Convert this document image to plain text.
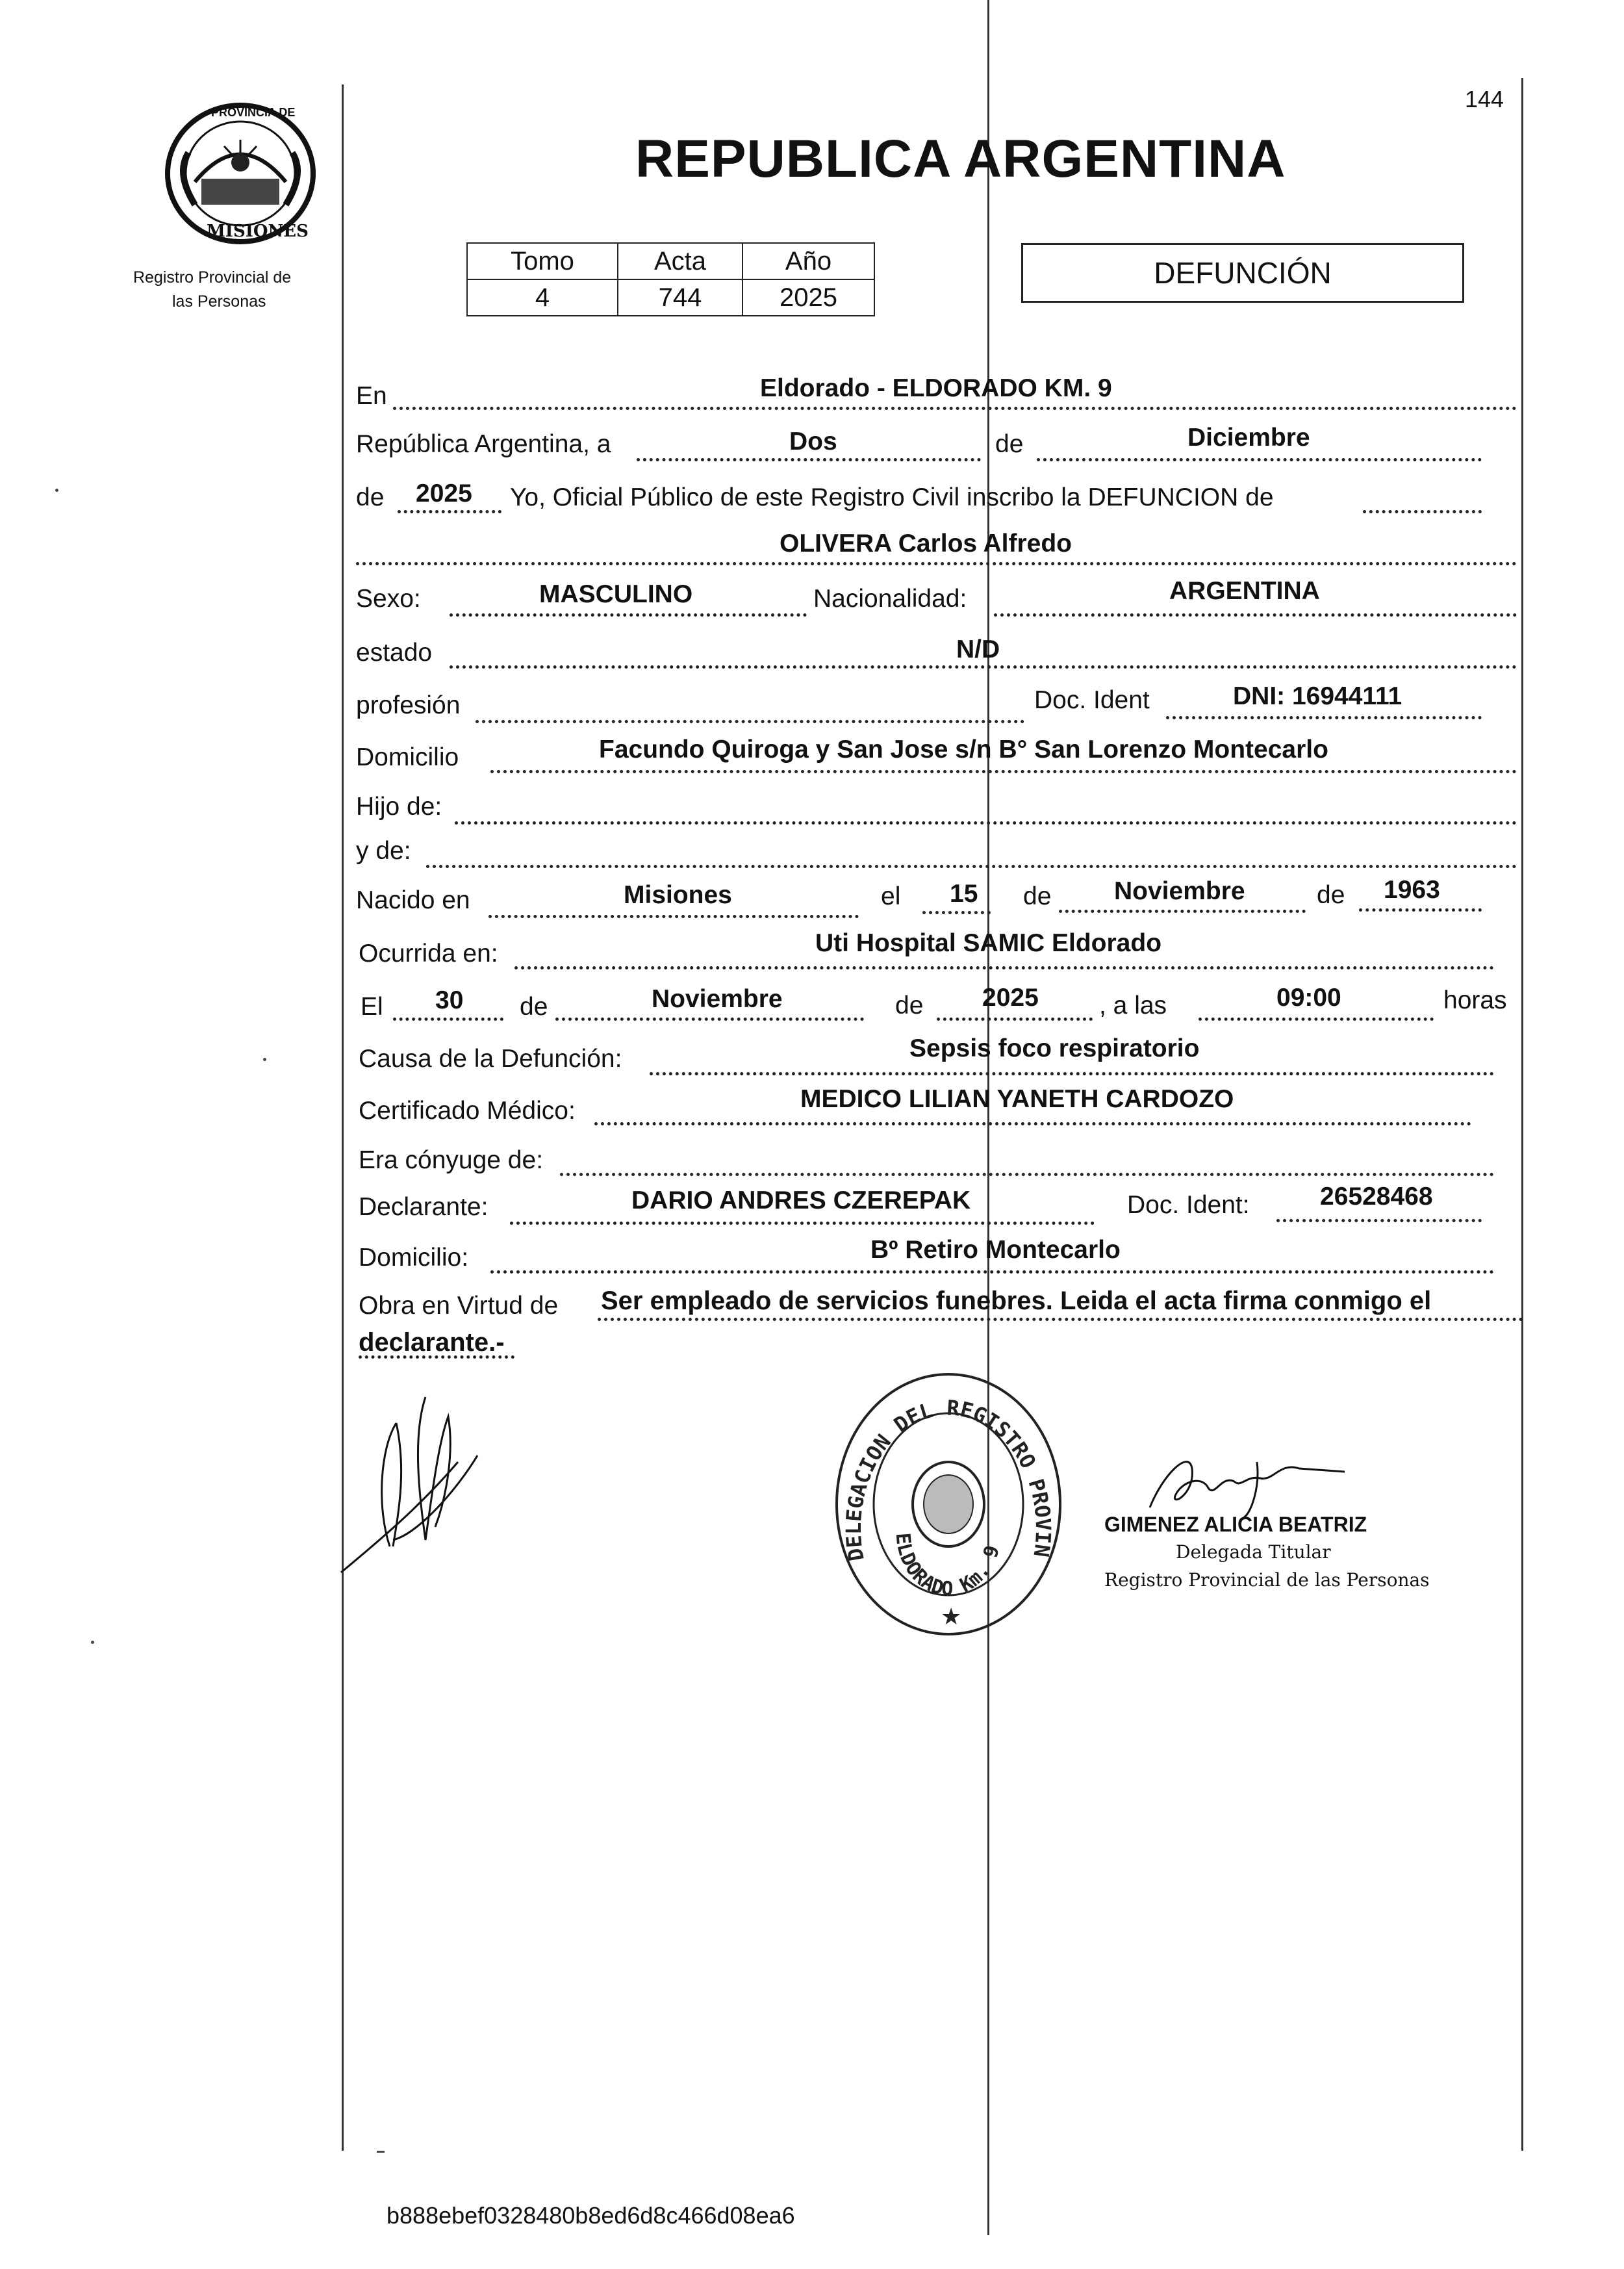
144
PROVINCIA DE
MISIONES
Registro Provincial de
las Personas
REPUBLICA ARGENTINA
Tomo	Acta	Año
4	744	2025
DEFUNCIÓN
En	Eldorado - ELDORADO KM. 9
República Argentina, a	Dos	de	Diciembre
de 2025 Yo, Oficial Público de este Registro Civil inscribo la DEFUNCION de
OLIVERA Carlos Alfredo
Sexo:	MASCULINO	Nacionalidad:	ARGENTINA
estado	N/D
profesión	Doc. Ident	DNI: 16944111
Domicilio	Facundo Quiroga y San Jose s/n B° San Lorenzo Montecarlo
Hijo de:
y de:
Nacido en	Misiones	el 15 de Noviembre	de 1963
Ocurrida en:	Uti Hospital SAMIC Eldorado
El 30 de	Noviembre	de 2025 , a las	09:00	horas
Causa de la Defunción:	Sepsis foco respiratorio
Certificado Médico:	MEDICO LILIAN YANETH CARDOZO
Era cónyuge de:
Declarante:	DARIO ANDRES CZEREPAK	Doc. Ident:	26528468
Domicilio:	Bº Retiro Montecarlo
Obra en Virtud de Ser empleado de servicios funebres. Leida el acta firma conmigo el
declarante.-
DELEGACION DEL REGISTRO PROVIN
ELDORADO Km. 9
★
GIMENEZ ALICIA BEATRIZ
Delegada Titular
Registro Provincial de las Personas
b888ebef0328480b8ed6d8c466d08ea6
